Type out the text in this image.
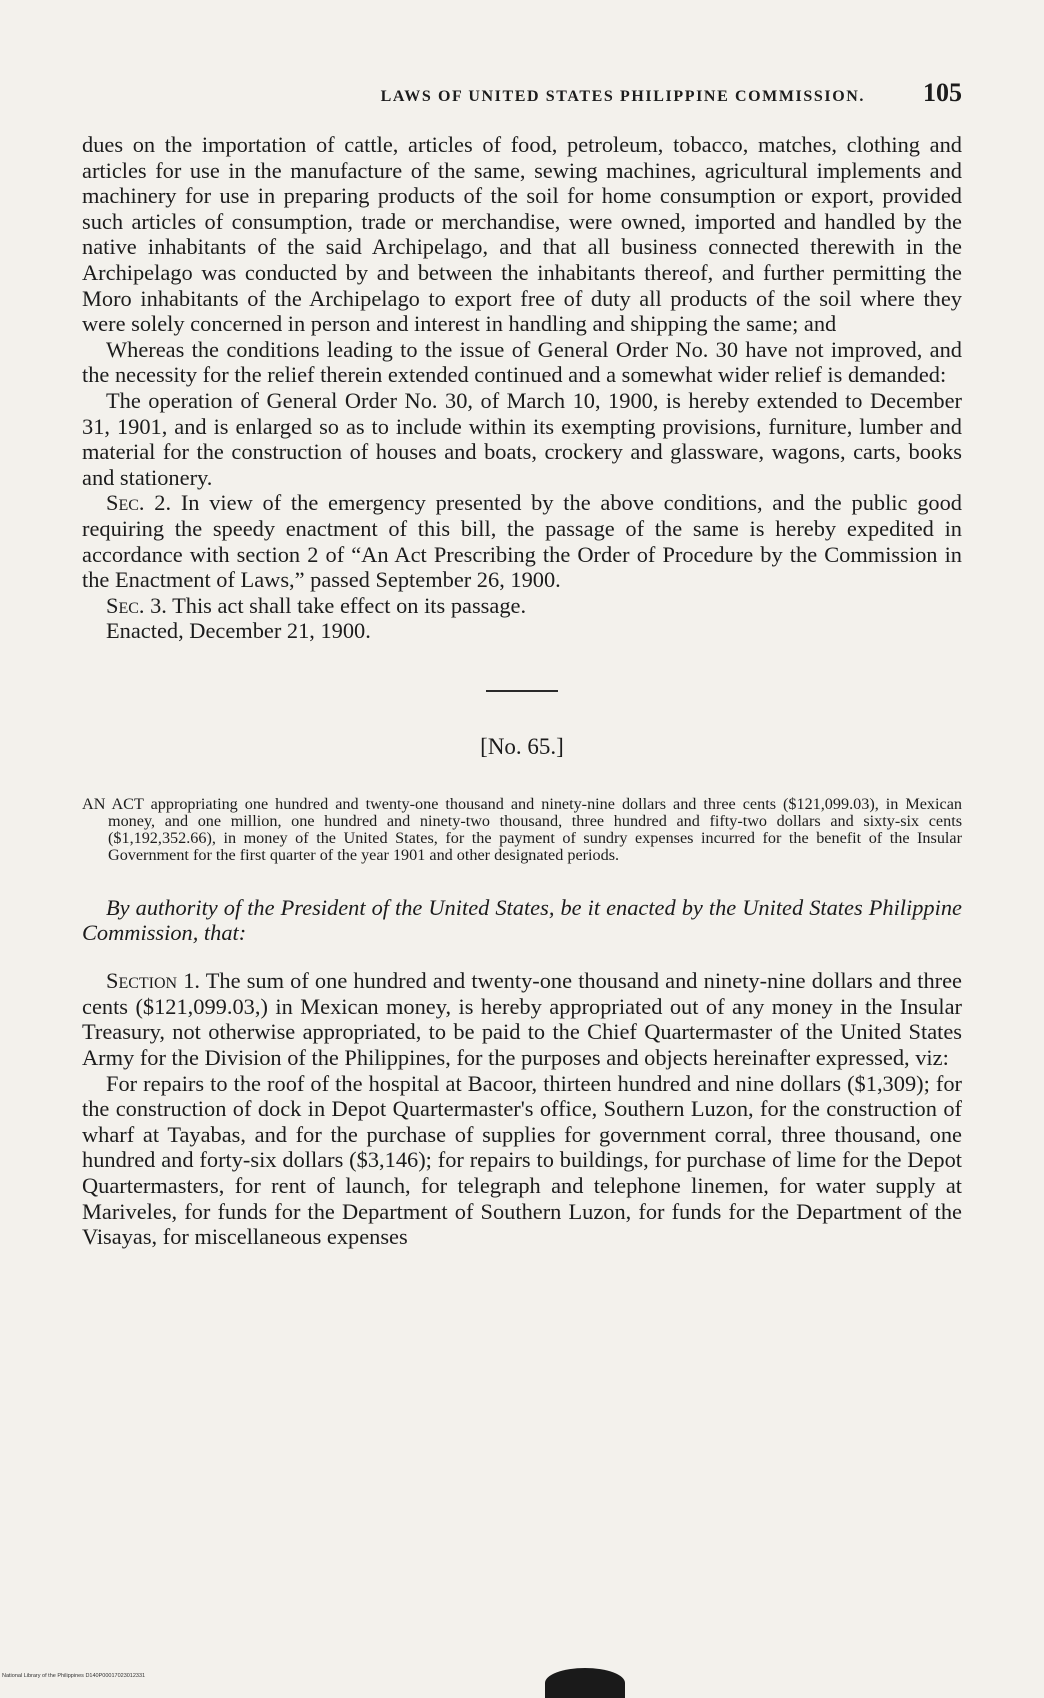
LAWS OF UNITED STATES PHILIPPINE COMMISSION. 105

dues on the importation of cattle, articles of food, petroleum, tobacco, matches, clothing and articles for use in the manufacture of the same, sewing machines, agricultural implements and machinery for use in preparing products of the soil for home consumption or export, provided such articles of consumption, trade or merchandise, were owned, imported and handled by the native inhabitants of the said Archipelago, and that all business connected therewith in the Archipelago was conducted by and between the inhabitants thereof, and further permitting the Moro inhabitants of the Archipelago to export free of duty all products of the soil where they were solely concerned in person and interest in handling and shipping the same; and

Whereas the conditions leading to the issue of General Order No. 30 have not improved, and the necessity for the relief therein extended continued and a somewhat wider relief is demanded:

The operation of General Order No. 30, of March 10, 1900, is hereby extended to December 31, 1901, and is enlarged so as to include within its exempting provisions, furniture, lumber and material for the construction of houses and boats, crockery and glassware, wagons, carts, books and stationery.

Sec. 2. In view of the emergency presented by the above conditions, and the public good requiring the speedy enactment of this bill, the passage of the same is hereby expedited in accordance with section 2 of “An Act Prescribing the Order of Procedure by the Commission in the Enactment of Laws,” passed September 26, 1900.

Sec. 3. This act shall take effect on its passage.

Enacted, December 21, 1900.

[No. 65.]

AN ACT appropriating one hundred and twenty-one thousand and ninety-nine dollars and three cents ($121,099.03), in Mexican money, and one million, one hundred and ninety-two thousand, three hundred and fifty-two dollars and sixty-six cents ($1,192,352.66), in money of the United States, for the payment of sundry expenses incurred for the benefit of the Insular Government for the first quarter of the year 1901 and other designated periods.

By authority of the President of the United States, be it enacted by the United States Philippine Commission, that:

Section 1. The sum of one hundred and twenty-one thousand and ninety-nine dollars and three cents ($121,099.03,) in Mexican money, is hereby appropriated out of any money in the Insular Treasury, not otherwise appropriated, to be paid to the Chief Quartermaster of the United States Army for the Division of the Philippines, for the purposes and objects hereinafter expressed, viz:

For repairs to the roof of the hospital at Bacoor, thirteen hundred and nine dollars ($1,309); for the construction of dock in Depot Quartermaster's office, Southern Luzon, for the construction of wharf at Tayabas, and for the purchase of supplies for government corral, three thousand, one hundred and forty-six dollars ($3,146); for repairs to buildings, for purchase of lime for the Depot Quartermasters, for rent of launch, for telegraph and telephone linemen, for water supply at Mariveles, for funds for the Department of Southern Luzon, for funds for the Department of the Visayas, for miscellaneous expenses

National Library of the Philippines D140P00017023012331
